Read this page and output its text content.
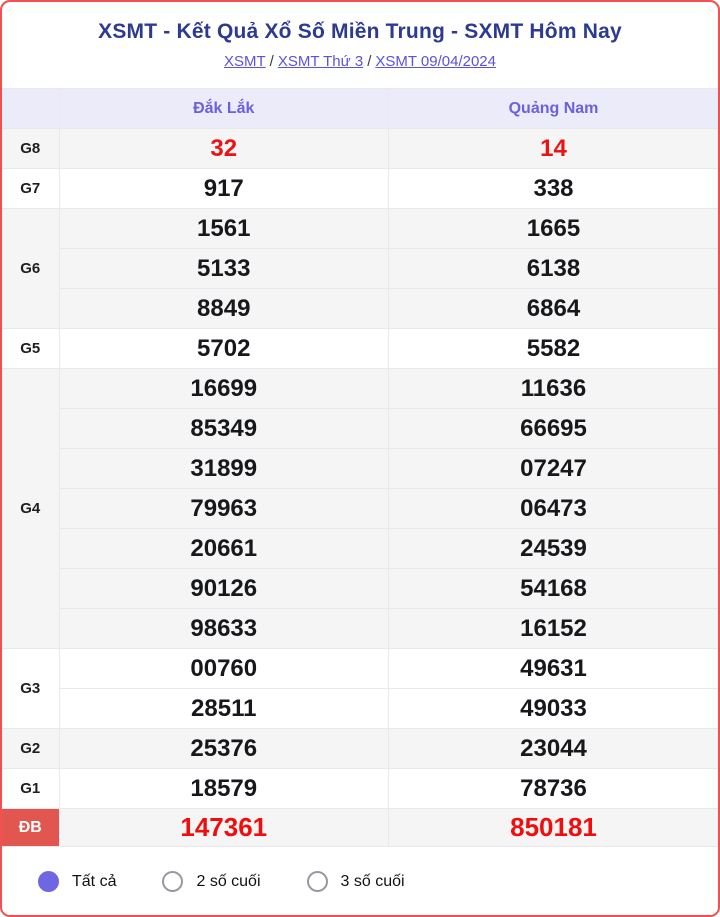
XSMT - Kết Quả Xổ Số Miền Trung - SXMT Hôm Nay
XSMT / XSMT Thứ 3 / XSMT 09/04/2024
	Đắk Lắk	Quảng Nam
G8	32	14
G7	917	338
G6	1561	1665
	5133	6138
	8849	6864
G5	5702	5582
G4	16699	11636
	85349	66695
	31899	07247
	79963	06473
	20661	24539
	90126	54168
	98633	16152
G3	00760	49631
	28511	49033
G2	25376	23044
G1	18579	78736
ĐB	147361	850181
Tất cả	2 số cuối	3 số cuối
